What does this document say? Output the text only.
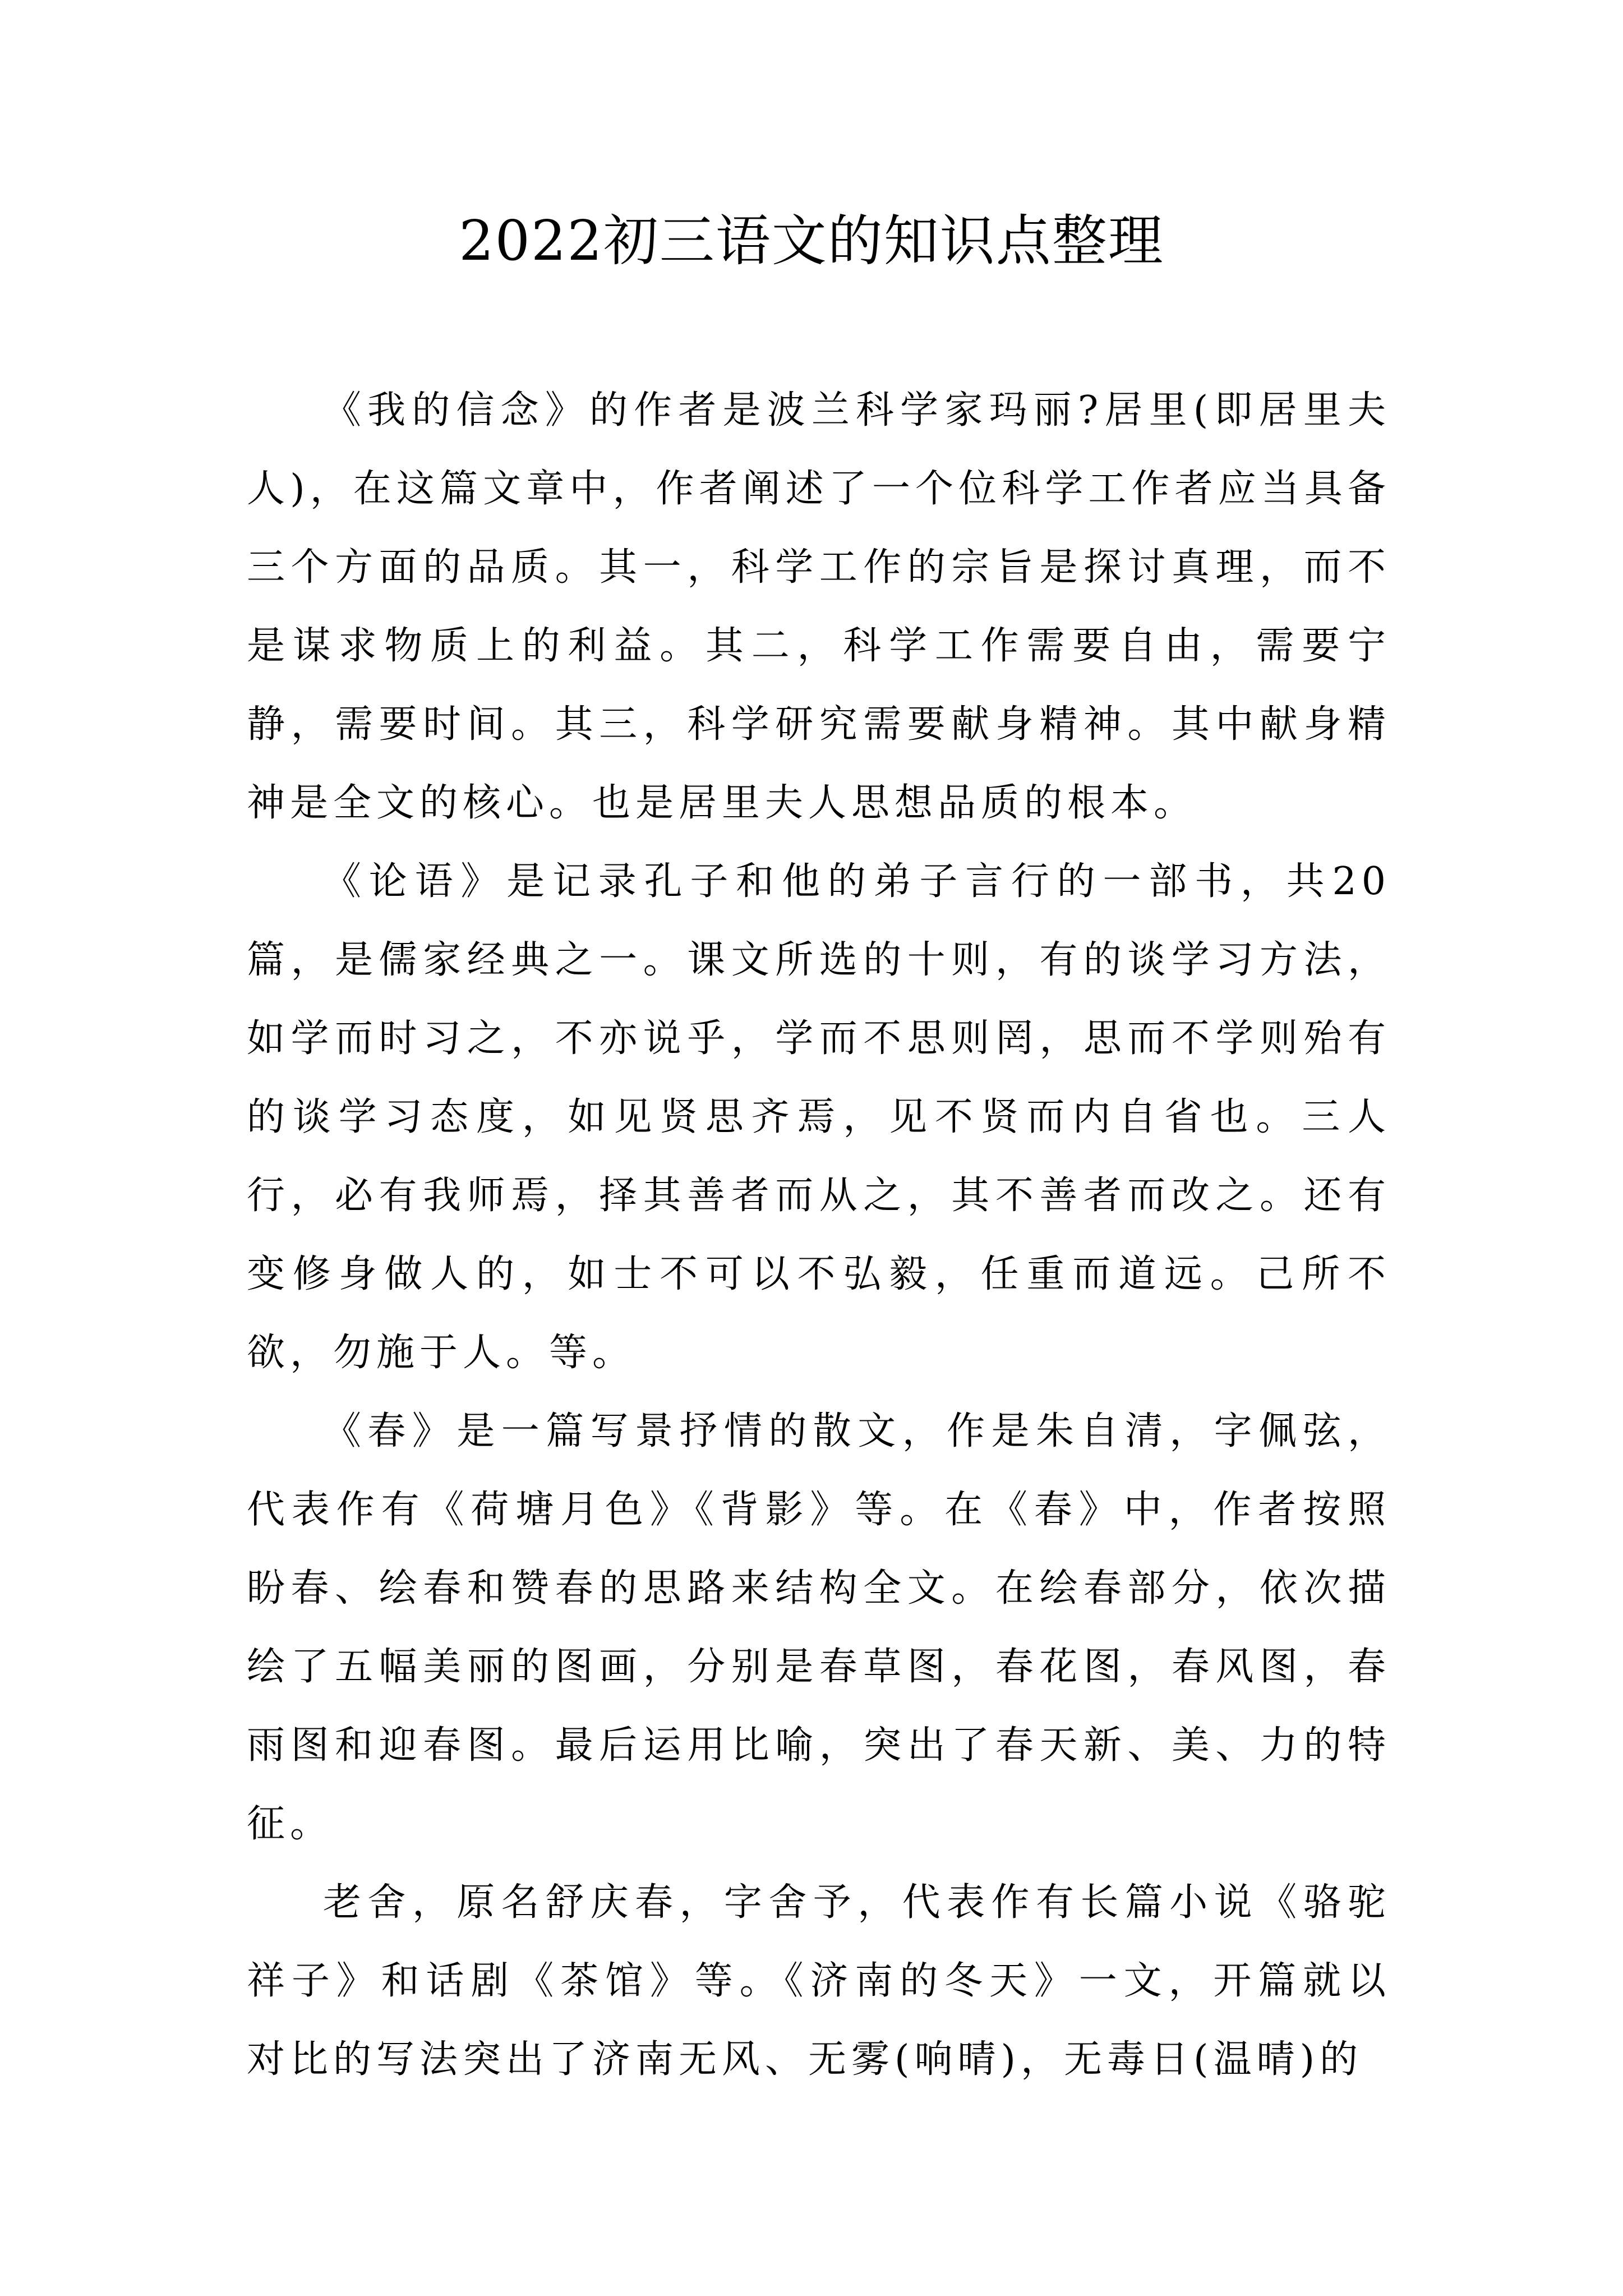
2022初三语文的知识点整理

《我的信念》的作者是波兰科学家玛丽?居里(即居里夫人)，在这篇文章中，作者阐述了一个位科学工作者应当具备三个方面的品质。其一，科学工作的宗旨是探讨真理，而不是谋求物质上的利益。其二，科学工作需要自由，需要宁静，需要时间。其三，科学研究需要献身精神。其中献身精神是全文的核心。也是居里夫人思想品质的根本。

《论语》是记录孔子和他的弟子言行的一部书，共20篇，是儒家经典之一。课文所选的十则，有的谈学习方法，如学而时习之，不亦说乎，学而不思则罔，思而不学则殆有的谈学习态度，如见贤思齐焉，见不贤而内自省也。三人行，必有我师焉，择其善者而从之，其不善者而改之。还有变修身做人的，如士不可以不弘毅，任重而道远。己所不欲，勿施于人。等。

《春》是一篇写景抒情的散文，作是朱自清，字佩弦，代表作有《荷塘月色》《背影》等。在《春》中，作者按照盼春、绘春和赞春的思路来结构全文。在绘春部分，依次描绘了五幅美丽的图画，分别是春草图，春花图，春风图，春雨图和迎春图。最后运用比喻，突出了春天新、美、力的特征。

老舍，原名舒庆春，字舍予，代表作有长篇小说《骆驼祥子》和话剧《茶馆》等。《济南的冬天》一文，开篇就以对比的写法突出了济南无风、无雾(响晴)，无毒日(温晴)的
